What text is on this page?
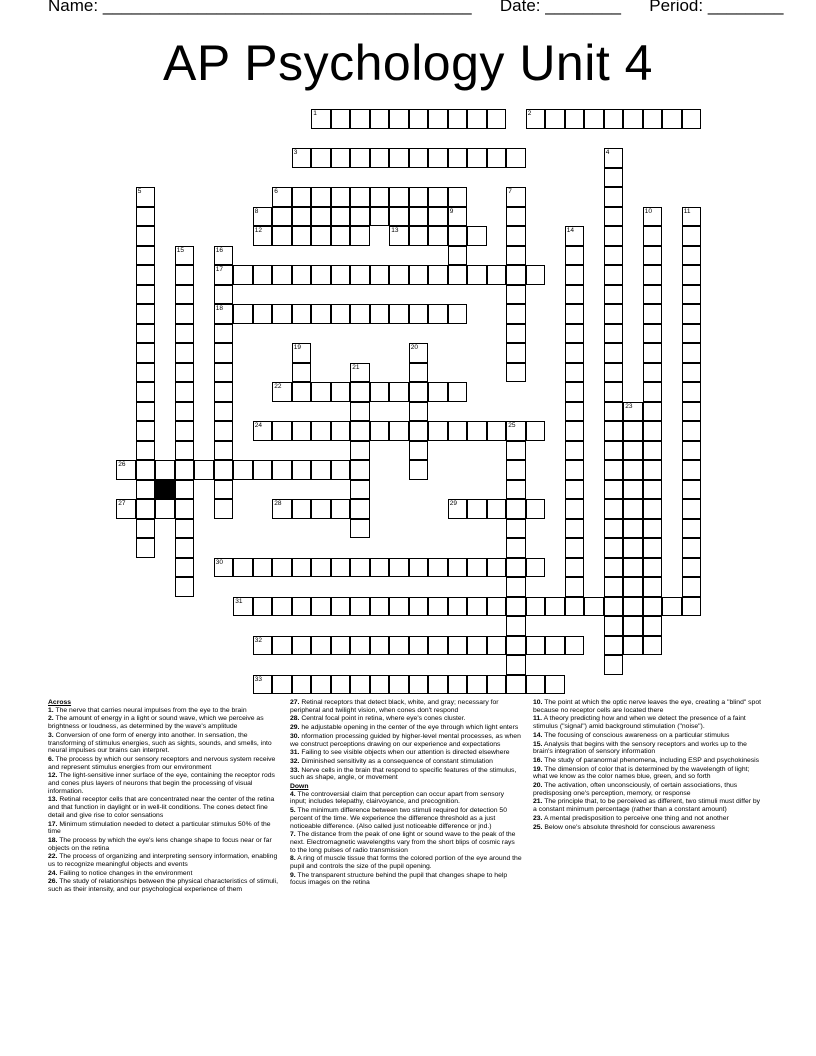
Name: _______________________________________ Date: ________ Period: ________
AP Psychology Unit 4
1	2
3	4
5	6	7
8	9	10	11
12	13	14
15	16
17
18
19	20
21
22
23
24	25
26
27	28	29
30
31
32
33
Across

1. The nerve that carries neural impulses from the eye to the brain

2. The amount of energy in a light or sound wave, which we perceive as brightness or loudness, as determined by the wave's amplitude

3. Conversion of one form of energy into another. In sensation, the transforming of stimulus energies, such as sights, sounds, and smells, into neural impulses our brains can interpret.

6. The process by which our sensory receptors and nervous system receive and represent stimulus energies from our environment

12. The light-sensitive inner surface of the eye, containing the receptor rods and cones plus layers of neurons that begin the processing of visual information.

13. Retinal receptor cells that are concentrated near the center of the retina and that function in daylight or in well-lit conditions. The cones detect fine detail and give rise to color sensations

17. Minimum stimulation needed to detect a particular stimulus 50% of the time

18. The process by which the eye's lens change shape to focus near or far objects on the retina

22. The process of organizing and interpreting sensory information, enabling us to recognize meaningful objects and events

24. Failing to notice changes in the environment

26. The study of relationships between the physical characteristics of stimuli, such as their intensity, and our psychological experience of them

27. Retinal receptors that detect black, white, and gray; necessary for peripheral and twilight vision, when cones don't respond

28. Central focal point in retina, where eye's cones cluster.

29. he adjustable opening in the center of the eye through which light enters

30. nformation processing guided by higher-level mental processes, as when we construct perceptions drawing on our experience and expectations

31. Failing to see visible objects when our attention is directed elsewhere

32. Diminished sensitivity as a consequence of constant stimulation

33. Nerve cells in the brain that respond to specific features of the stimulus, such as shape, angle, or movement

Down

4. The controversial claim that perception can occur apart from sensory input; includes telepathy, clairvoyance, and precognition.

5. The minimum difference between two stimuli required for detection 50 percent of the time. We experience the difference threshold as a just noticeable difference. (Also called just noticeable difference or jnd.)

7. The distance from the peak of one light or sound wave to the peak of the next. Electromagnetic wavelengths vary from the short blips of cosmic rays to the long pulses of radio transmission

8. A ring of muscle tissue that forms the colored portion of the eye around the pupil and controls the size of the pupil opening.

9. The transparent structure behind the pupil that changes shape to help focus images on the retina

10. The point at which the optic nerve leaves the eye, creating a "blind" spot because no receptor cells are located there

11. A theory predicting how and when we detect the presence of a faint stimulus ("signal") amid background stimulation ("noise").

14. The focusing of conscious awareness on a particular stimulus

15. Analysis that begins with the sensory receptors and works up to the brain's integration of sensory information

16. The study of paranormal phenomena, including ESP and psychokinesis

19. The dimension of color that is determined by the wavelength of light; what we know as the color names blue, green, and so forth

20. The activation, often unconsciously, of certain associations, thus predisposing one's perception, memory, or response

21. The principle that, to be perceived as different, two stimuli must differ by a constant minimum percentage (rather than a constant amount)

23. A mental predisposition to perceive one thing and not another

25. Below one's absolute threshold for conscious awareness
